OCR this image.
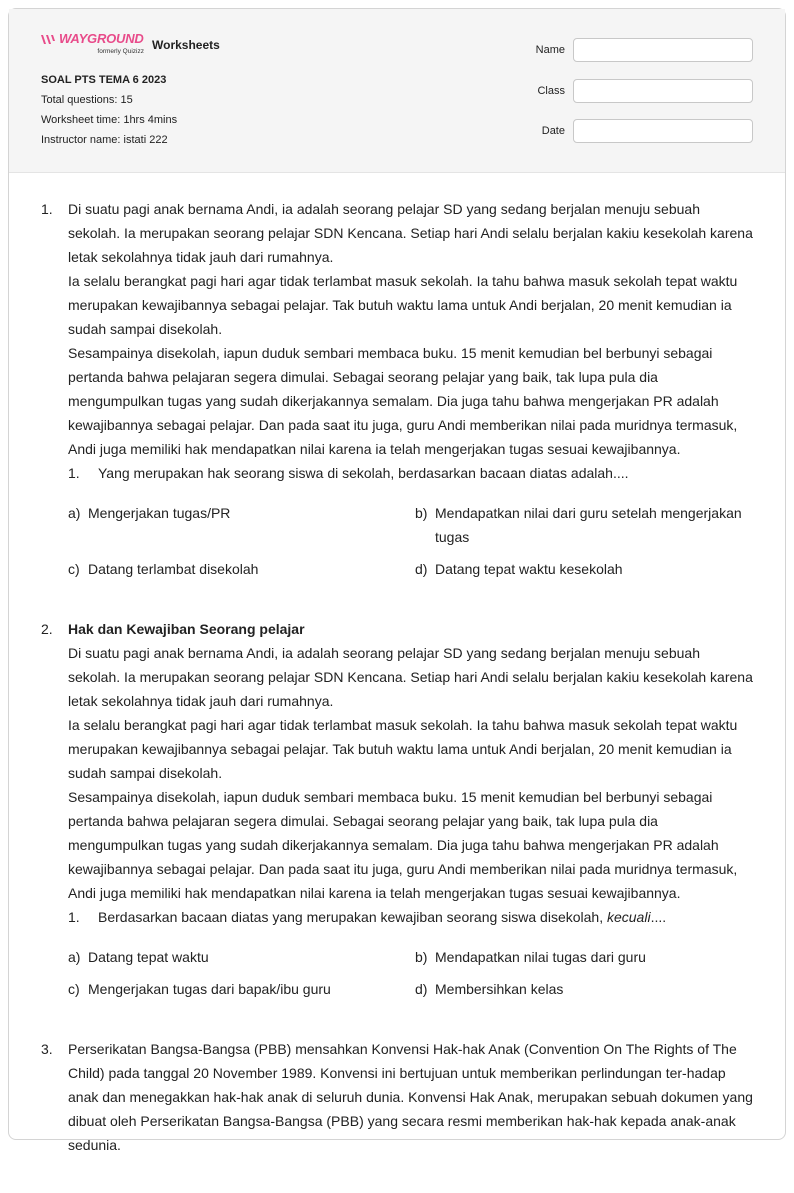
WAYGROUND
formerly Quizizz Worksheets
SOAL PTS TEMA 6 2023
Total questions: 15
Worksheet time: 1hrs 4mins
Instructor name: istati 222
Name
Class
Date
1. Di suatu pagi anak bernama Andi, ia adalah seorang pelajar SD yang sedang berjalan menuju sebuah sekolah. Ia merupakan seorang pelajar SDN Kencana. Setiap hari Andi selalu berjalan kakiu kesekolah karena letak sekolahnya tidak jauh dari rumahnya.

Ia selalu berangkat pagi hari agar tidak terlambat masuk sekolah. Ia tahu bahwa masuk sekolah tepat waktu merupakan kewajibannya sebagai pelajar. Tak butuh waktu lama untuk Andi berjalan, 20 menit kemudian ia sudah sampai disekolah.

Sesampainya disekolah, iapun duduk sembari membaca buku. 15 menit kemudian bel berbunyi sebagai pertanda bahwa pelajaran segera dimulai. Sebagai seorang pelajar yang baik, tak lupa pula dia mengumpulkan tugas yang sudah dikerjakannya semalam. Dia juga tahu bahwa mengerjakan PR adalah kewajibannya sebagai pelajar. Dan pada saat itu juga, guru Andi memberikan nilai pada muridnya termasuk, Andi juga memiliki hak mendapatkan nilai karena ia telah mengerjakan tugas sesuai kewajibannya.

1.	Yang merupakan hak seorang siswa di sekolah, berdasarkan bacaan diatas adalah....
a) Mengerjakan tugas/PR	b) Mendapatkan nilai dari guru setelah mengerjakan tugas
c) Datang terlambat disekolah	d) Datang tepat waktu kesekolah
2. Hak dan Kewajiban Seorang pelajar

Di suatu pagi anak bernama Andi, ia adalah seorang pelajar SD yang sedang berjalan menuju sebuah sekolah. Ia merupakan seorang pelajar SDN Kencana. Setiap hari Andi selalu berjalan kakiu kesekolah karena letak sekolahnya tidak jauh dari rumahnya.

Ia selalu berangkat pagi hari agar tidak terlambat masuk sekolah. Ia tahu bahwa masuk sekolah tepat waktu merupakan kewajibannya sebagai pelajar. Tak butuh waktu lama untuk Andi berjalan, 20 menit kemudian ia sudah sampai disekolah.

Sesampainya disekolah, iapun duduk sembari membaca buku. 15 menit kemudian bel berbunyi sebagai pertanda bahwa pelajaran segera dimulai. Sebagai seorang pelajar yang baik, tak lupa pula dia mengumpulkan tugas yang sudah dikerjakannya semalam. Dia juga tahu bahwa mengerjakan PR adalah kewajibannya sebagai pelajar. Dan pada saat itu juga, guru Andi memberikan nilai pada muridnya termasuk, Andi juga memiliki hak mendapatkan nilai karena ia telah mengerjakan tugas sesuai kewajibannya.

1.	Berdasarkan bacaan diatas yang merupakan kewajiban seorang siswa disekolah, kecuali....
a) Datang tepat waktu	b) Mendapatkan nilai tugas dari guru
c) Mengerjakan tugas dari bapak/ibu guru	d) Membersihkan kelas
3. Perserikatan Bangsa-Bangsa (PBB) mensahkan Konvensi Hak-hak Anak (Convention On The Rights of The Child) pada tanggal 20 November 1989. Konvensi ini bertujuan untuk memberikan perlindungan ter-hadap anak dan menegakkan hak-hak anak di seluruh dunia. Konvensi Hak Anak, merupakan sebuah dokumen yang dibuat oleh Perserikatan Bangsa-Bangsa (PBB) yang secara resmi memberikan hak-hak kepada anak-anak sedunia.
